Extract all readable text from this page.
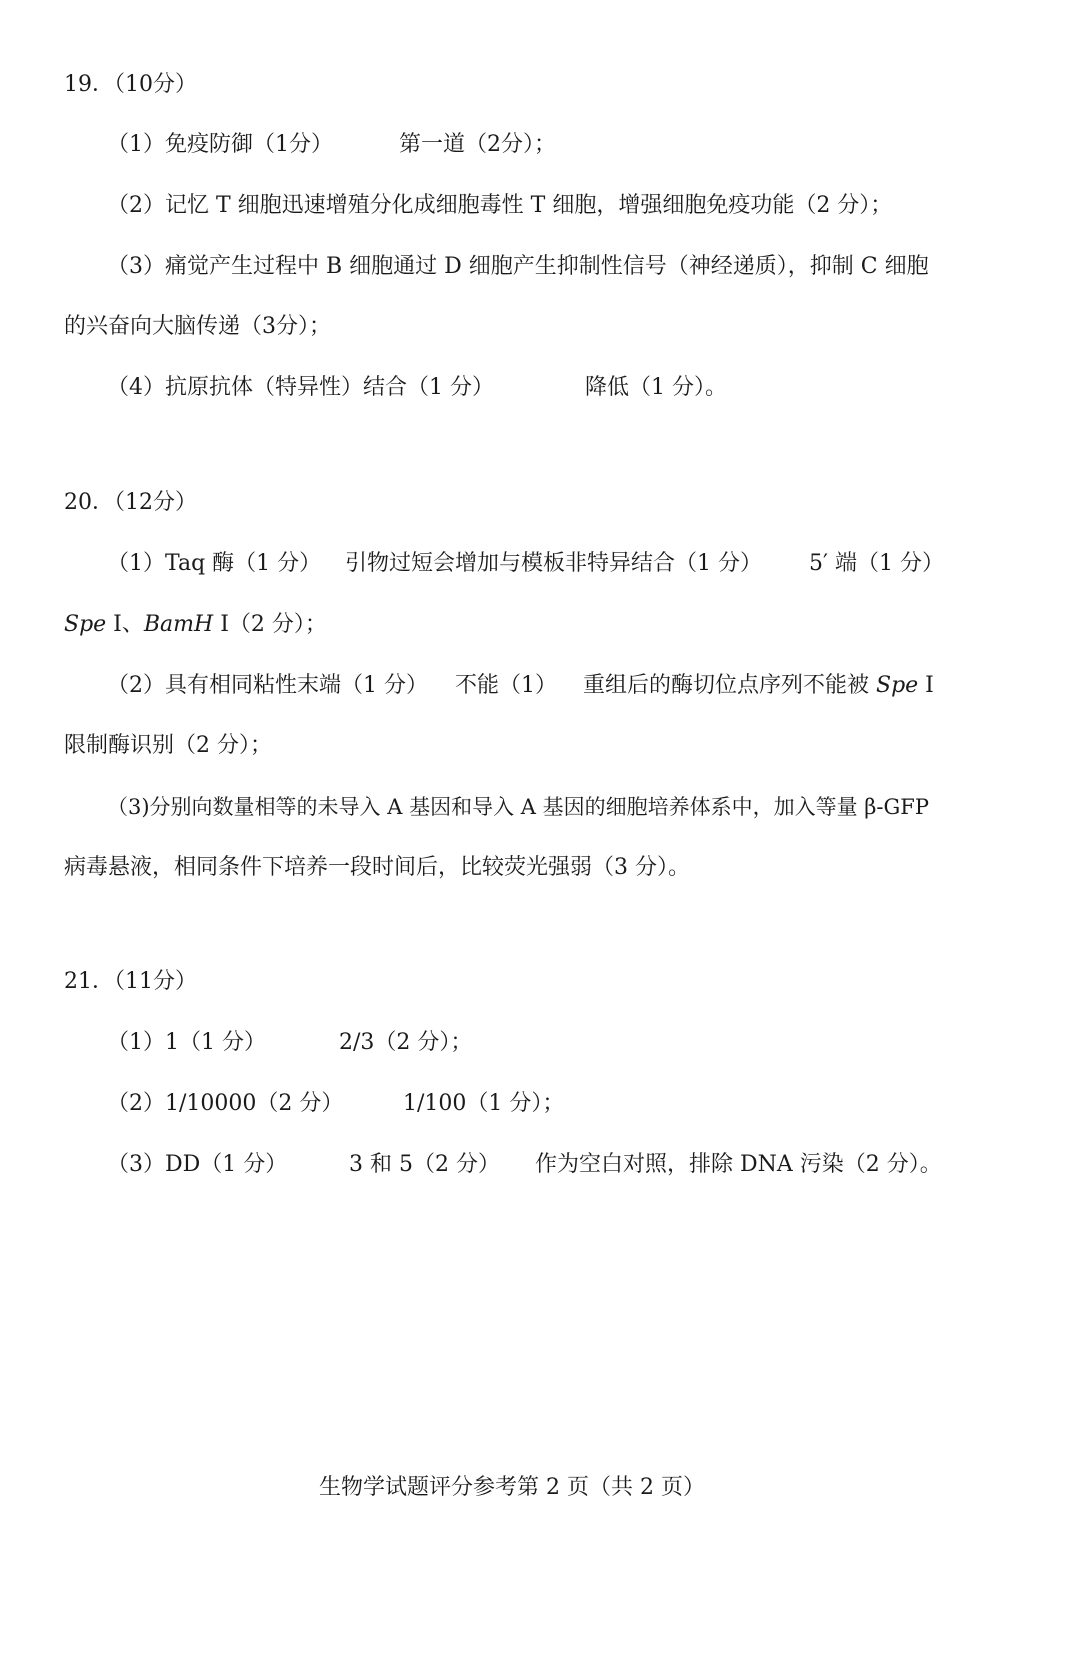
19．（10分）
（1）免疫防御（1分）	第一道（2分）；
（2）记忆 T 细胞迅速增殖分化成细胞毒性 T 细胞，增强细胞免疫功能（2 分）；
（3）痛觉产生过程中 B 细胞通过 D 细胞产生抑制性信号（神经递质），抑制 C 细胞
的兴奋向大脑传递（3分）；
（4）抗原抗体（特异性）结合（1 分）	降低（1 分）。
20．（12分）
（1）Taq 酶（1 分） 引物过短会增加与模板非特异结合（1 分） 5′ 端（1 分）
Spe I、BamH I（2 分）；
（2）具有相同粘性末端（1 分） 不能（1） 重组后的酶切位点序列不能被 Spe I
限制酶识别（2 分）；
（3)分别向数量相等的未导入 A 基因和导入 A 基因的细胞培养体系中，加入等量 β-GFP
病毒悬液，相同条件下培养一段时间后，比较荧光强弱（3 分）。
21．（11分）
（1）1（1 分）	2/3（2 分）；
（2）1/10000（2 分）	1/100（1 分）；
（3）DD（1 分）	3 和 5（2 分） 作为空白对照，排除 DNA 污染（2 分）。
生物学试题评分参考第 2 页（共 2 页）
